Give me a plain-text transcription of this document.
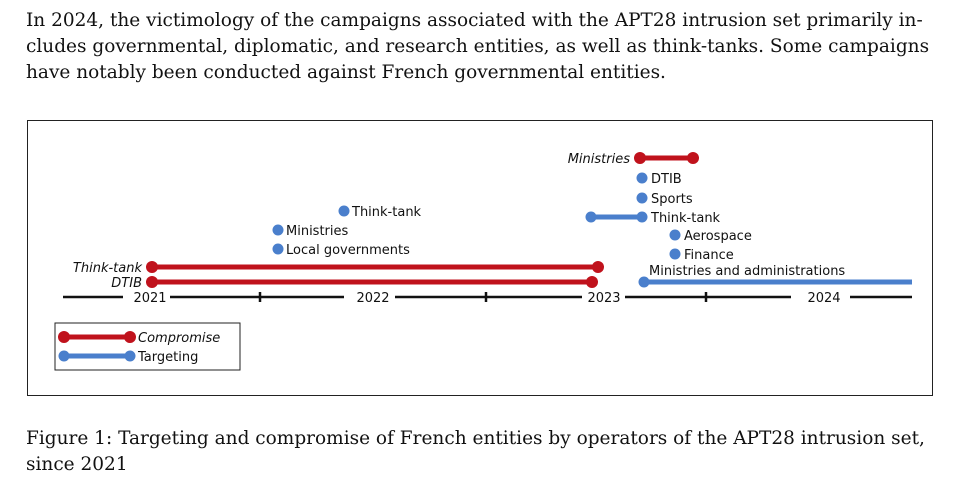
In 2024, the victimology of the campaigns associated with the APT28 intrusion set primarily includes governmental, diplomatic, and research entities, as well as think-tanks. Some campaigns have notably been conducted against French governmental entities.

2021	2022	2023	2024
Think-tank
DTIB
Ministries
Local governments
Think-tank
Ministries
DTIB
Sports
Think-tank
Aerospace
Finance
Ministries and administrations
Compromise
Targeting

Figure 1: Targeting and compromise of French entities by operators of the APT28 intrusion set, since 2021
